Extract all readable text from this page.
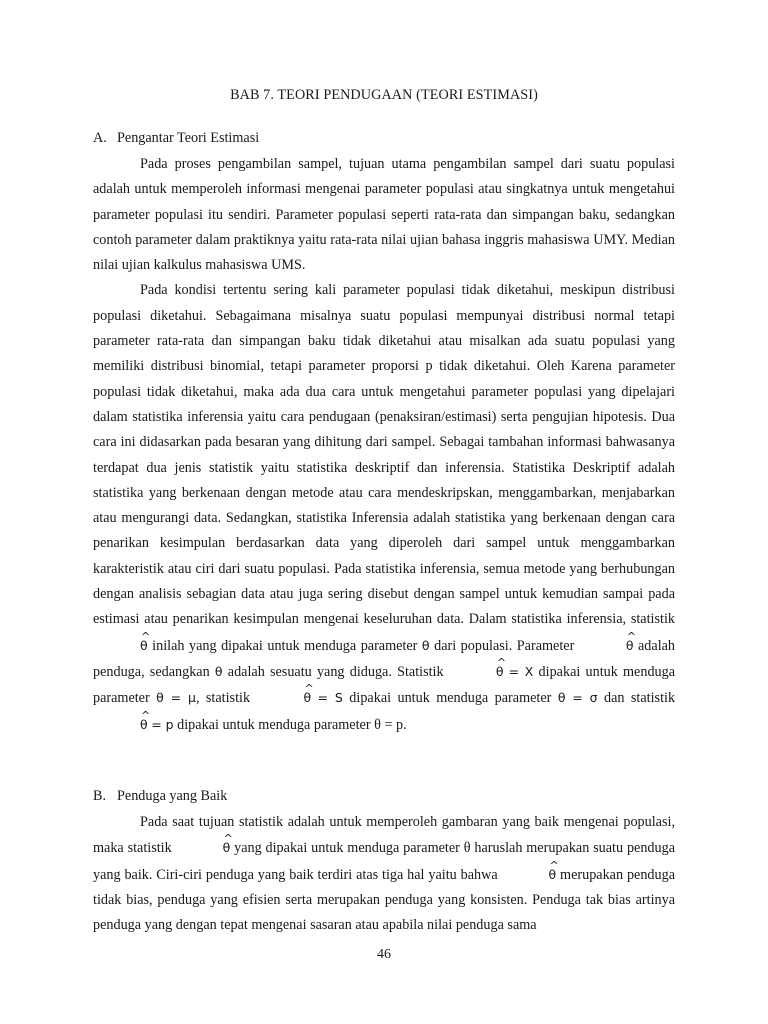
BAB 7. TEORI PENDUGAAN (TEORI ESTIMASI)
A. Pengantar Teori Estimasi

Pada proses pengambilan sampel, tujuan utama pengambilan sampel dari suatu populasi adalah untuk memperoleh informasi mengenai parameter populasi atau singkatnya untuk mengetahui parameter populasi itu sendiri. Parameter populasi seperti rata-rata dan simpangan baku, sedangkan contoh parameter dalam praktiknya yaitu rata-rata nilai ujian bahasa inggris mahasiswa UMY. Median nilai ujian kalkulus mahasiswa UMS.

Pada kondisi tertentu sering kali parameter populasi tidak diketahui, meskipun distribusi populasi diketahui. Sebagaimana misalnya suatu populasi mempunyai distribusi normal tetapi parameter rata-rata dan simpangan baku tidak diketahui atau misalkan ada suatu populasi yang memiliki distribusi binomial, tetapi parameter proporsi p tidak diketahui. Oleh Karena parameter populasi tidak diketahui, maka ada dua cara untuk mengetahui parameter populasi yang dipelajari dalam statistika inferensia yaitu cara pendugaan (penaksiran/estimasi) serta pengujian hipotesis. Dua cara ini didasarkan pada besaran yang dihitung dari sampel. Sebagai tambahan informasi bahwasanya terdapat dua jenis statistik yaitu statistika deskriptif dan inferensia. Statistika Deskriptif adalah statistika yang berkenaan dengan metode atau cara mendeskripskan, menggambarkan, menjabarkan atau mengurangi data. Sedangkan, statistika Inferensia adalah statistika yang berkenaan dengan cara penarikan kesimpulan berdasarkan data yang diperoleh dari sampel untuk menggambarkan karakteristik atau ciri dari suatu populasi. Pada statistika inferensia, semua metode yang berhubungan dengan analisis sebagian data atau juga sering disebut dengan sampel untuk kemudian sampai pada estimasi atau penarikan kesimpulan mengenai keseluruhan data. Dalam statistika inferensia, statistik ^ θ inilah yang dipakai untuk menduga parameter θ dari populasi. Parameter	^ θ adalah penduga, sedangkan θ adalah sesuatu yang diduga. Statistik	^ θ = X dipakai untuk menduga parameter θ = μ, statistik	^ θ = S dipakai untuk menduga parameter θ = σ dan statistik ^ θ = p dipakai untuk menduga parameter θ = p.

B. Penduga yang Baik

Pada saat tujuan statistik adalah untuk memperoleh gambaran yang baik mengenai populasi, maka statistik	^ θ yang dipakai untuk menduga parameter θ haruslah merupakan suatu penduga yang baik. Ciri-ciri penduga yang baik terdiri atas tiga hal yaitu bahwa	^ θ merupakan penduga tidak bias, penduga yang efisien serta merupakan penduga yang konsisten. Penduga tak bias artinya penduga yang dengan tepat mengenai sasaran atau apabila nilai penduga sama

46
